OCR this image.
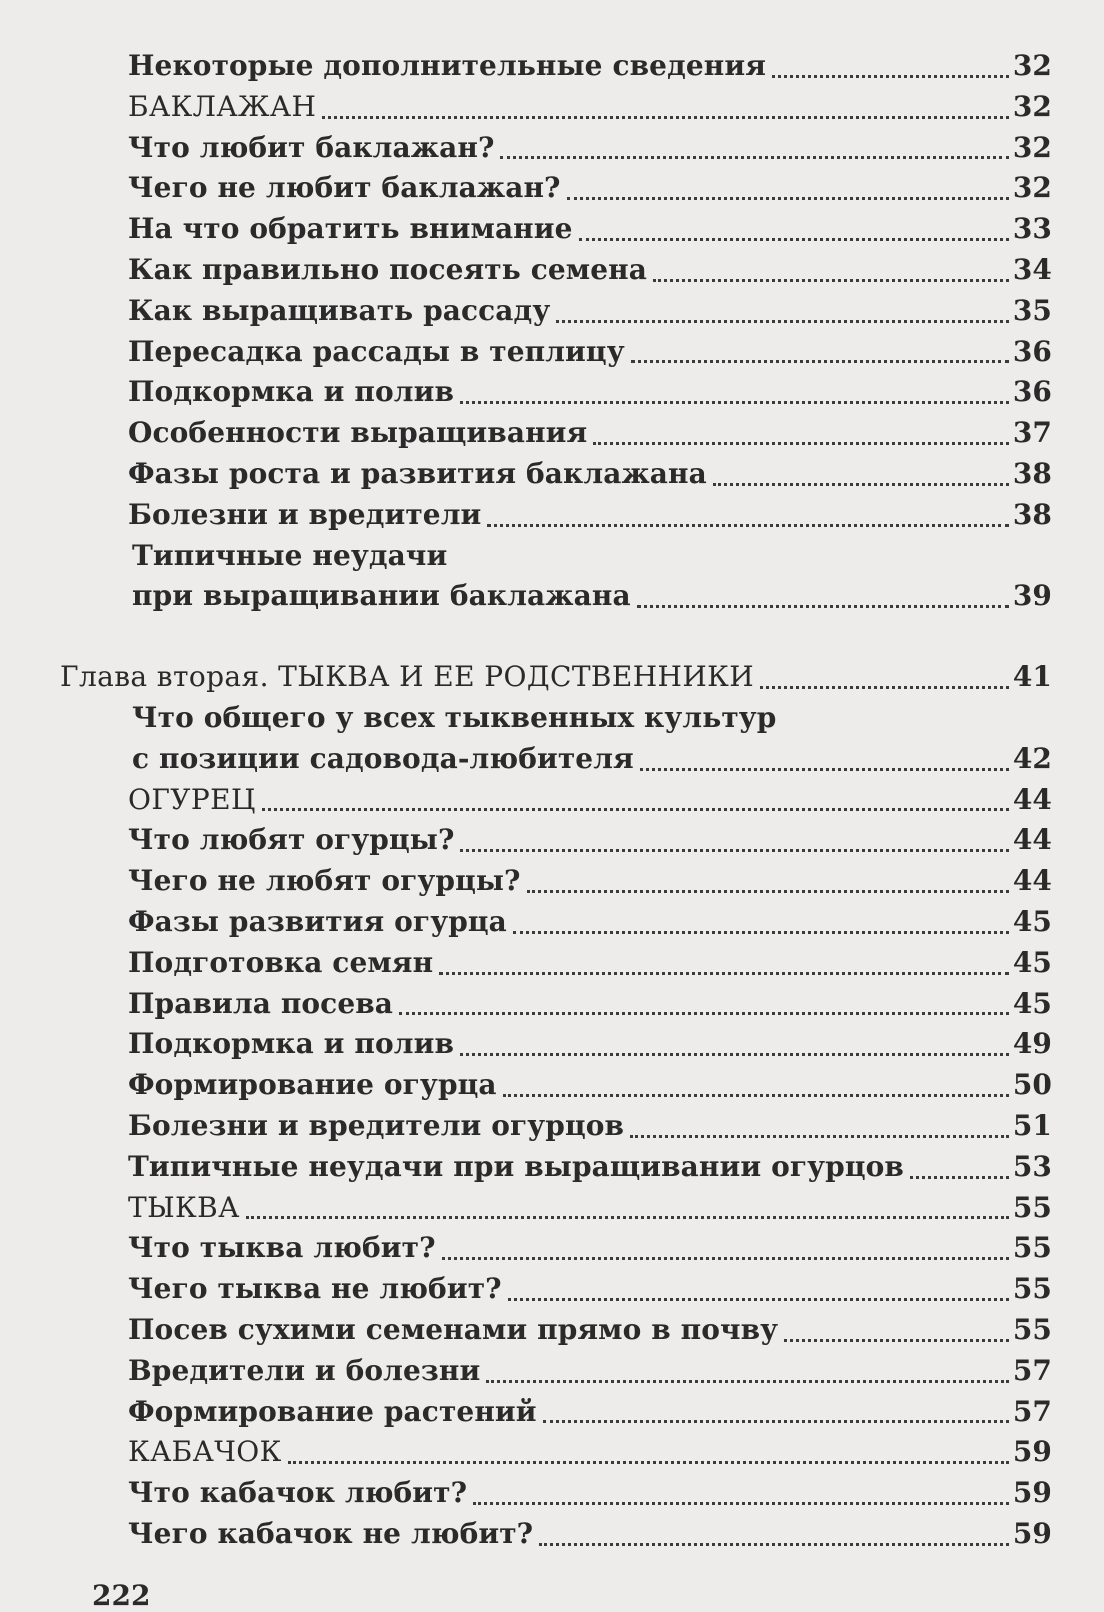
Некоторые дополнительные сведения	32
БАКЛАЖАН	32
Что любит баклажан?	32
Чего не любит баклажан?	32
На что обратить внимание	33
Как правильно посеять семена	34
Как выращивать рассаду	35
Пересадка рассады в теплицу	36
Подкормка и полив	36
Особенности выращивания	37
Фазы роста и развития баклажана	38
Болезни и вредители	38
Типичные неудачи
при выращивании баклажана	39
Глава вторая. ТЫКВА И ЕЕ РОДСТВЕННИКИ	41
Что общего у всех тыквенных культур
с позиции садовода-любителя	42
ОГУРЕЦ	44
Что любят огурцы?	44
Чего не любят огурцы?	44
Фазы развития огурца	45
Подготовка семян	45
Правила посева	45
Подкормка и полив	49
Формирование огурца	50
Болезни и вредители огурцов	51
Типичные неудачи при выращивании огурцов	53
ТЫКВА	55
Что тыква любит?	55
Чего тыква не любит?	55
Посев сухими семенами прямо в почву	55
Вредители и болезни	57
Формирование растений	57
КАБАЧОК	59
Что кабачок любит?	59
Чего кабачок не любит?	59
222
